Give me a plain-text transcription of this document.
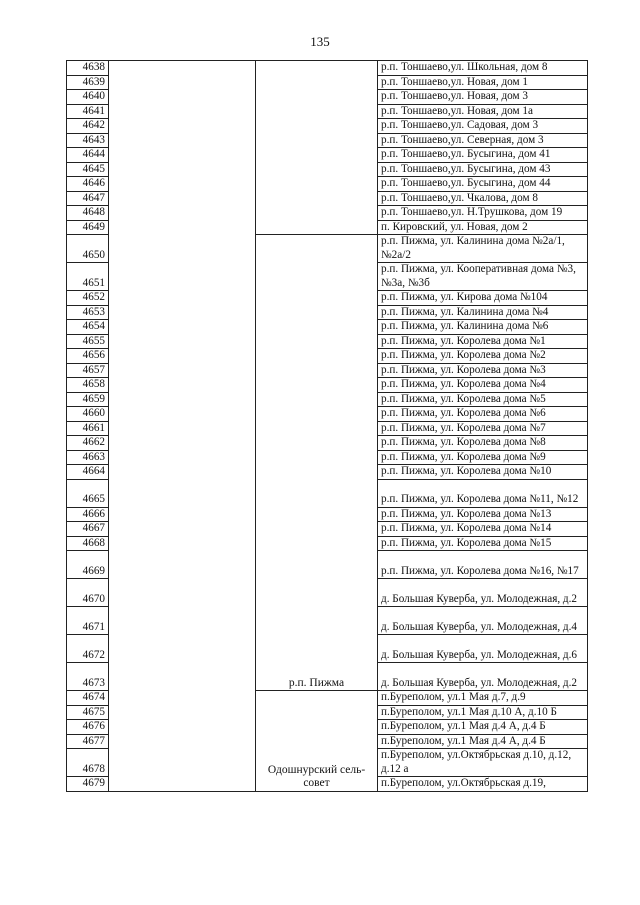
135
4638			р.п. Тоншаево,ул. Школьная, дом 8
4639			р.п. Тоншаево,ул. Новая, дом 1
4640			р.п. Тоншаево,ул. Новая, дом 3
4641			р.п. Тоншаево,ул. Новая, дом 1а
4642			р.п. Тоншаево,ул. Садовая, дом 3
4643			р.п. Тоншаево,ул. Северная, дом 3
4644			р.п. Тоншаево,ул. Бусыгина, дом 41
4645			р.п. Тоншаево,ул. Бусыгина, дом 43
4646			р.п. Тоншаево,ул. Бусыгина, дом 44
4647			р.п. Тоншаево,ул. Чкалова, дом 8
4648			р.п. Тоншаево,ул. Н.Трушкова, дом 19
4649			п. Кировский, ул. Новая, дом 2
4650		р.п. Пижма	р.п. Пижма, ул. Калинина дома №2а/1, №2а/2
4651			р.п. Пижма, ул. Кооперативная дома №3, №3а, №3б
4652			р.п. Пижма, ул. Кирова дома №104
4653			р.п. Пижма, ул. Калинина дома №4
4654			р.п. Пижма, ул. Калинина дома №6
4655			р.п. Пижма, ул. Королева дома №1
4656			р.п. Пижма, ул. Королева дома №2
4657			р.п. Пижма, ул. Королева дома №3
4658			р.п. Пижма, ул. Королева дома №4
4659			р.п. Пижма, ул. Королева дома №5
4660			р.п. Пижма, ул. Королева дома №6
4661			р.п. Пижма, ул. Королева дома №7
4662			р.п. Пижма, ул. Королева дома №8
4663			р.п. Пижма, ул. Королева дома №9
4664			р.п. Пижма, ул. Королева дома №10
4665			р.п. Пижма, ул. Королева дома №11, №12
4666			р.п. Пижма, ул. Королева дома №13
4667			р.п. Пижма, ул. Королева дома №14
4668			р.п. Пижма, ул. Королева дома №15
4669			р.п. Пижма, ул. Королева дома №16, №17
4670			д. Большая Куверба, ул. Молодежная, д.2
4671			д. Большая Куверба, ул. Молодежная, д.4
4672			д. Большая Куверба, ул. Молодежная, д.6
4673			д. Большая Куверба, ул. Молодежная, д.2
4674		Одошнурский сель-совет	п.Буреполом, ул.1 Мая д.7, д.9
4675			п.Буреполом, ул.1 Мая д.10 А, д.10 Б
4676			п.Буреполом, ул.1 Мая д.4 А, д.4 Б
4677			п.Буреполом, ул.1 Мая д.4 А, д.4 Б
4678			п.Буреполом, ул.Октябрьская д.10, д.12, д.12 а
4679			п.Буреполом, ул.Октябрьская д.19,
